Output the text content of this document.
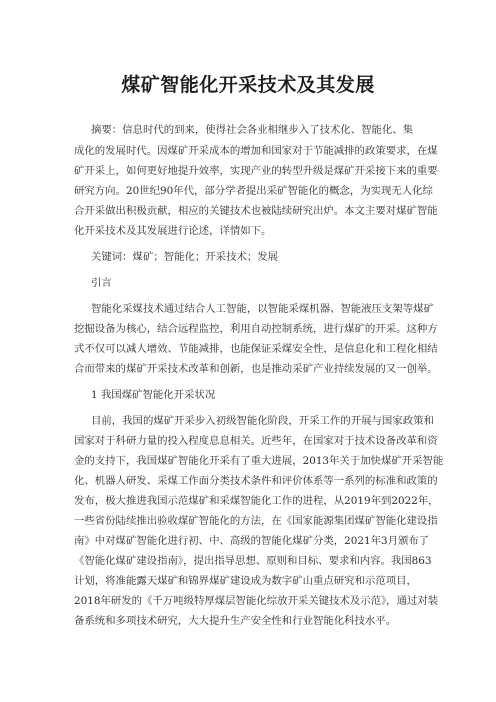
煤矿智能化开采技术及其发展
摘要：信息时代的到来，使得社会各业相继步入了技术化、智能化、集
成化的发展时代。因煤矿开采成本的增加和国家对于节能减排的政策要求，在煤
矿开采上，如何更好地提升效率，实现产业的转型升级是煤矿开采接下来的重要
研究方向。20世纪90年代，部分学者提出采矿智能化的概念，为实现无人化综
合开采做出积极贡献，相应的关键技术也被陆续研究出炉。本文主要对煤矿智能
化开采技术及其发展进行论述，详情如下。
关键词：煤矿；智能化；开采技术；发展
引言
智能化采煤技术通过结合人工智能，以智能采煤机器、智能液压支架等煤矿
挖掘设备为核心，结合远程监控，利用自动控制系统，进行煤矿的开采。这种方
式不仅可以减人增效、节能减排，也能保证采煤安全性，是信息化和工程化相结
合而带来的煤矿开采技术改革和创新，也是推动采矿产业持续发展的又一创举。
1 我国煤矿智能化开采状况
目前，我国的煤矿开采步入初级智能化阶段，开采工作的开展与国家政策和
国家对于科研力量的投入程度息息相关。近些年，在国家对于技术设备改革和资
金的支持下，我国煤矿智能化开采有了重大进展，2013年关于加快煤矿开采智能
化、机器人研发、采煤工作面分类技术条件和评价体系等一系列的标准和政策的
发布，极大推进我国示范煤矿和采煤智能化工作的进程，从2019年到2022年，
一些省份陆续推出验收煤矿智能化的方法，在《国家能源集团煤矿智能化建设指
南》中对煤矿智能化进行初、中、高级的智能化煤矿分类，2021年3月颁布了
《智能化煤矿建设指南》，提出指导思想、原则和目标、要求和内容。我国863
计划，将准能露天煤矿和锦界煤矿建设成为数字矿山重点研究和示范项目，
2018年研发的《千万吨级特厚煤层智能化综放开采关键技术及示范》，通过对装
备系统和多项技术研究，大大提升生产安全性和行业智能化科技水平。
